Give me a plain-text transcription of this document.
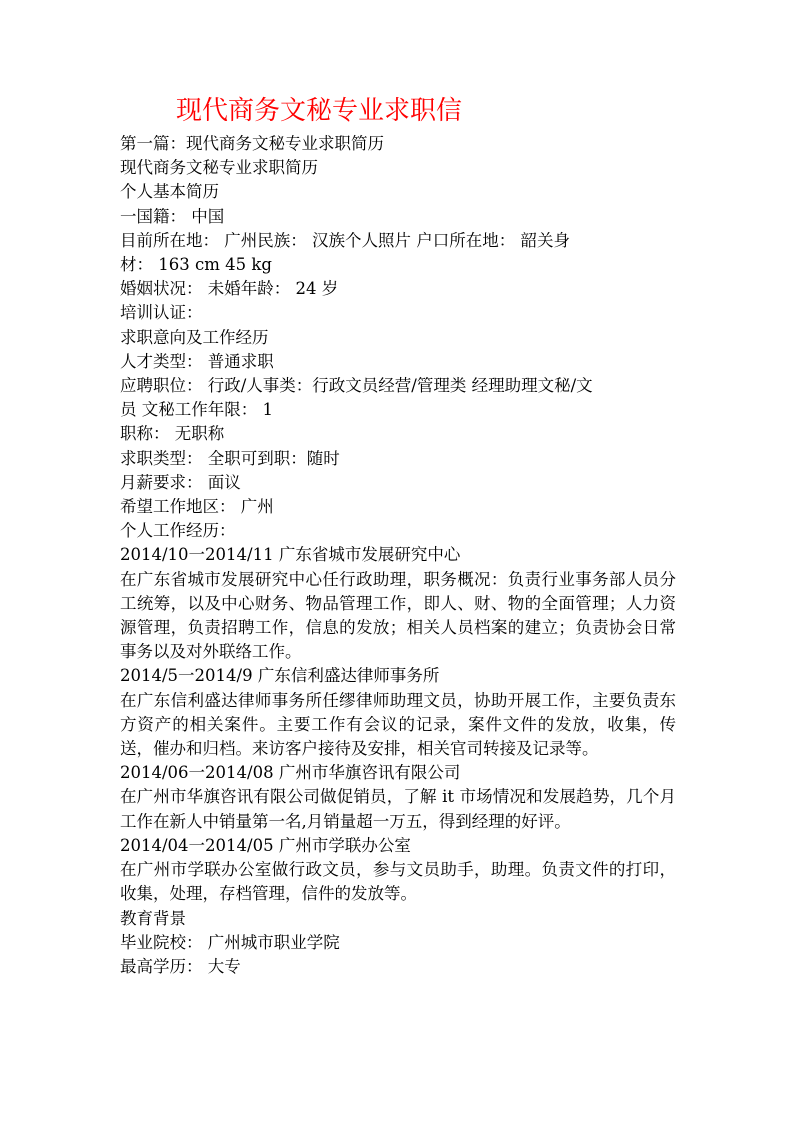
现代商务文秘专业求职信
第一篇：现代商务文秘专业求职简历
现代商务文秘专业求职简历
个人基本简历
一国籍： 中国
目前所在地： 广州民族： 汉族个人照片 户口所在地： 韶关身
材： 163 cm 45 kg
婚姻状况： 未婚年龄： 24 岁
培训认证：
求职意向及工作经历
人才类型： 普通求职
应聘职位： 行政/人事类：行政文员经营/管理类 经理助理文秘/文
员 文秘工作年限： 1
职称： 无职称
求职类型： 全职可到职：随时
月薪要求： 面议
希望工作地区： 广州
个人工作经历：
2014/10一2014/11 广东省城市发展研究中心
在广东省城市发展研究中心任行政助理，职务概况：负责行业事务部人员分工统筹，以及中心财务、物品管理工作，即人、财、物的全面管理；人力资源管理，负责招聘工作，信息的发放；相关人员档案的建立；负责协会日常事务以及对外联络工作。
2014/5一2014/9 广东信利盛达律师事务所
在广东信利盛达律师事务所任缪律师助理文员，协助开展工作，主要负责东方资产的相关案件。主要工作有会议的记录，案件文件的发放，收集，传送，催办和归档。来访客户接待及安排，相关官司转接及记录等。
2014/06一2014/08 广州市华旗咨讯有限公司
在广州市华旗咨讯有限公司做促销员，了解 it 市场情况和发展趋势，几个月工作在新人中销量第一名,月销量超一万五，得到经理的好评。
2014/04一2014/05 广州市学联办公室
在广州市学联办公室做行政文员，参与文员助手，助理。负责文件的打印，收集，处理，存档管理，信件的发放等。
教育背景
毕业院校： 广州城市职业学院
最高学历： 大专
